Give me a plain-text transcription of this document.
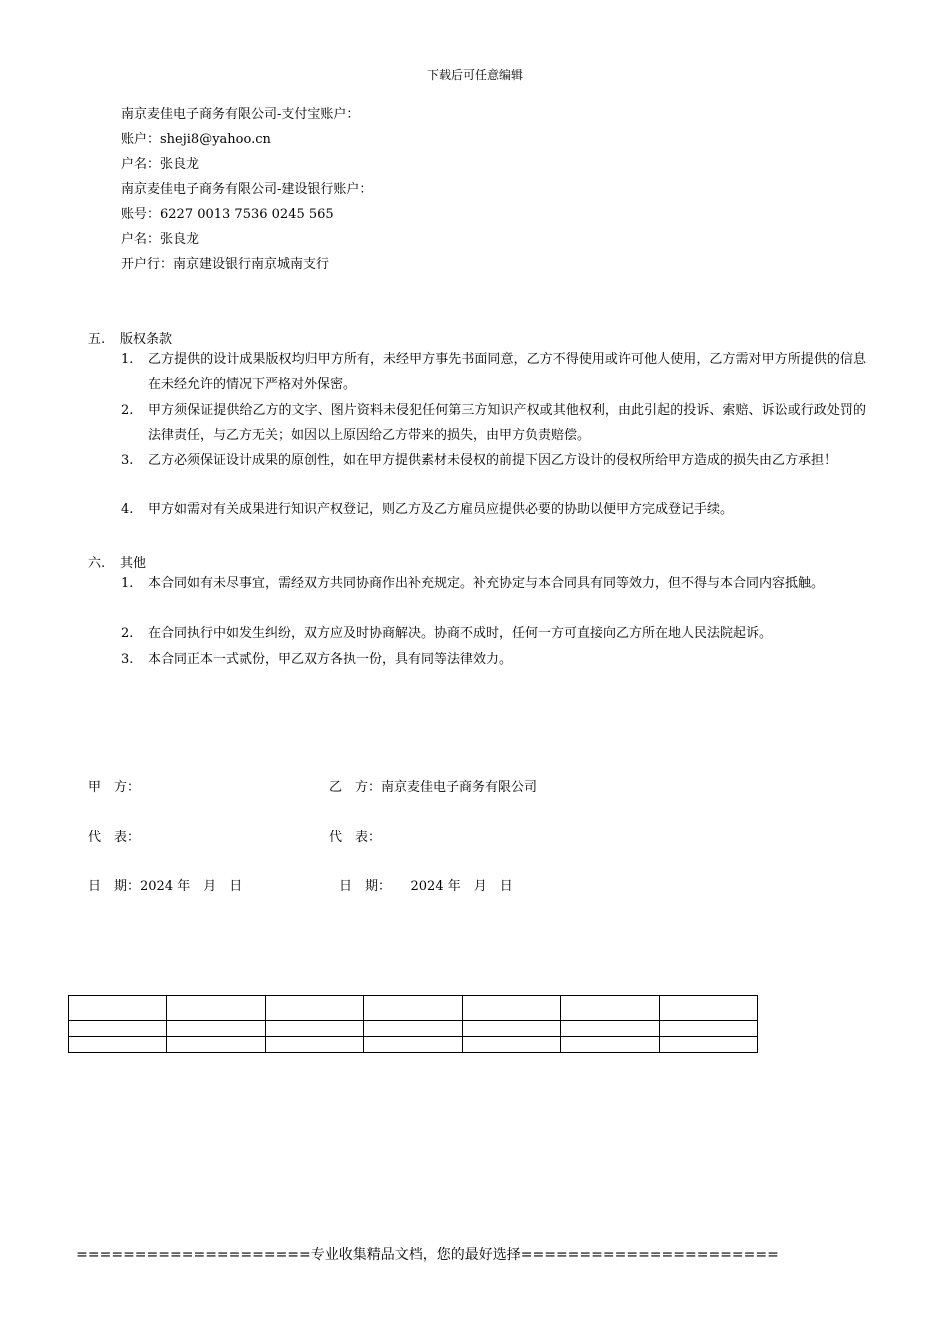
下载后可任意编辑
南京麦佳电子商务有限公司-支付宝账户：
账户：sheji8@yahoo.cn
户名：张良龙
南京麦佳电子商务有限公司-建设银行账户：
账号：6227 0013 7536 0245 565
户名：张良龙
开户行：南京建设银行南京城南支行
五. 版权条款
1.	乙方提供的设计成果版权均归甲方所有，未经甲方事先书面同意，乙方不得使用或许可他人使用，乙方需对甲方所提供的信息在未经允许的情况下严格对外保密。
2.	甲方须保证提供给乙方的文字、图片资料未侵犯任何第三方知识产权或其他权利，由此引起的投诉、索赔、诉讼或行政处罚的法律责任，与乙方无关；如因以上原因给乙方带来的损失，由甲方负责赔偿。
3.	乙方必须保证设计成果的原创性，如在甲方提供素材未侵权的前提下因乙方设计的侵权所给甲方造成的损失由乙方承担！
4.	甲方如需对有关成果进行知识产权登记，则乙方及乙方雇员应提供必要的协助以便甲方完成登记手续。
六. 其他
1.	本合同如有未尽事宜，需经双方共同协商作出补充规定。补充协定与本合同具有同等效力，但不得与本合同内容抵触。
2.	在合同执行中如发生纠纷，双方应及时协商解决。协商不成时，任何一方可直接向乙方所在地人民法院起诉。
3.	本合同正本一式贰份，甲乙双方各执一份，具有同等法律效力。
甲　方：	乙　方：南京麦佳电子商务有限公司
代　表：	代　表：
日　期：2024 年　月　日	日　期：　　2024 年　月　日

====================专业收集精品文档，您的最好选择======================
